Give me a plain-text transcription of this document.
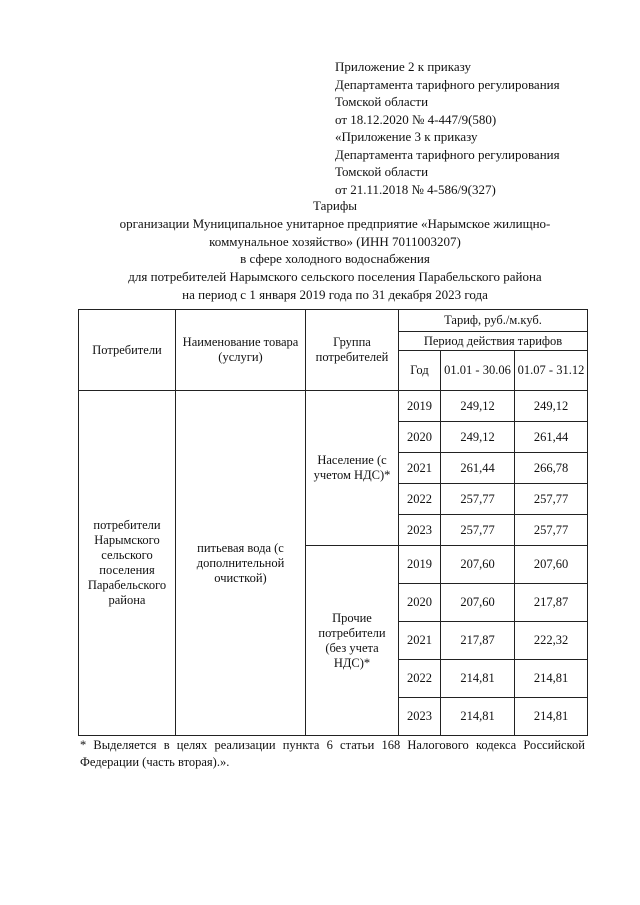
Приложение 2 к приказу
Департамента тарифного регулирования
Томской области
от 18.12.2020 № 4-447/9(580)
«Приложение 3 к приказу
Департамента тарифного регулирования
Томской области
от 21.11.2018 № 4-586/9(327)
Тарифы
организации Муниципальное унитарное предприятие «Нарымское жилищно-
коммунальное хозяйство» (ИНН 7011003207)
в сфере холодного водоснабжения
для потребителей Нарымского сельского поселения Парабельского района
на период с 1 января 2019 года по 31 декабря 2023 года
Потребители	Наименование товара (услуги)	Группа потребителей	Тариф, руб./м.куб.		
			Период действия тарифов		
			Год	01.01 - 30.06	01.07 - 31.12
потребители Нарымского сельского поселения Парабельского района	питьевая вода (с дополнительной очисткой)	Население (с учетом НДС)*	2019	249,12	249,12
			2020	249,12	261,44
			2021	261,44	266,78
			2022	257,77	257,77
			2023	257,77	257,77
		Прочие потребители (без учета НДС)*	2019	207,60	207,60
			2020	207,60	217,87
			2021	217,87	222,32
			2022	214,81	214,81
			2023	214,81	214,81
* Выделяется в целях реализации пункта 6 статьи 168 Налогового кодекса Российской Федерации (часть вторая).».
